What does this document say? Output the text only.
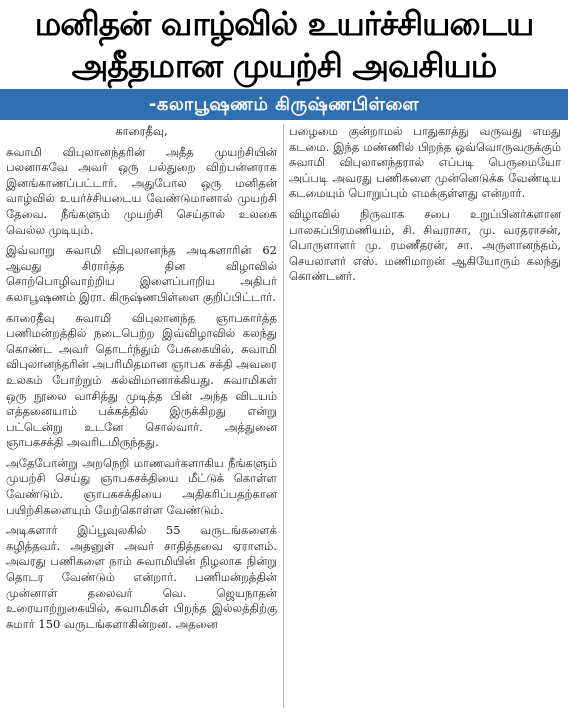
மனிதன் வாழ்வில் உயர்ச்சியடைய
அதீதமான முயற்சி அவசியம்
-கலாபூஷணம் கிருஷ்ணபிள்ளை

காரைதீவு,

சுவாமி விபுலானந்தரின் அதீத முயற்சியின் பலனாகவே அவர் ஒரு பல்துறை விற்பன்னராக இனங்காணப்பட்டார். அதுபோல ஒரு மனிதன் வாழ்வில் உயர்ச்சியடைய வேண்டுமானால் முயற்சி தேவை. நீங்களும் முயற்சி செய்தால் உலகை வெல்ல முடியும்.

இவ்வாறு சுவாமி விபுலானந்த அடிகளாரின் 62 ஆவது சிரார்த்த தின விழாவில் சொற்பொழிவாற்றிய இளைப்பாறிய அதிபர் கலாபூஷணம் இரா. கிருஷ்ணபிள்ளை குறிப்பிட்டார்.

காரைதீவு சுவாமி விபுலானந்த ஞாபகார்த்த பணிமன்றத்தில் நடைபெற்ற இவ்விழாவில் கலந்து கொண்ட அவர் தொடர்ந்தும் பேசுகையில், சுவாமி விபுலானந்தரின் அபரிமிதமான ஞாபக சக்தி அவரை உலகம் போற்றும் கல்விமானாக்கியது. சுவாமிகள் ஒரு நூலை வாசித்து முடித்த பின் அந்த விடயம் எத்தனையாம் பக்கத்தில் இருக்கிறது என்று பட்டென்று உடனே சொல்வார். அத்துனை ஞாபகசக்தி அவரிடமிருந்தது.

அதேபோன்று அறநெறி மாணவர்களாகிய நீங்களும் முயற்சி செய்து ஞாபகசக்தியை மீட்டுக் கொள்ள வேண்டும். ஞாபகசக்தியை அதிகரிப்பதற்கான பயிற்சிகளையும் மேற்கொள்ள வேண்டும்.

அடிகளார் இப்பூவுலகில் 55 வருடங்களைக் கழித்தவர். அதனுள் அவர் சாதித்தவை ஏராளம். அவரது பணிகளை நாம் சுவாமியின் நிழலாக நின்று தொடர வேண்டும் என்றார். பணிமன்றத்தின் முன்னாள் தலைவர் வெ. ஜெயநாதன் உரையாற்றுகையில், சுவாமிகள் பிறந்த இல்லத்திற்கு சுமார் 150 வருடங்களாகின்றன. அதனை

பழைமை குன்றாமல் பாதுகாத்து வருவது எமது கடமை. இந்த மண்ணில் பிறந்த ஒவ்வொருவருக்கும் சுவாமி விபுலானந்தரால் எப்படி பெருமையோ அப்படி அவரது பணிகளை முன்னெடுக்க வேண்டிய கடமையும் பொறுப்பும் எமக்குள்ளது என்றார்.

விழாவில் நிருவாக சபை உறுப்பினர்களான பாலசுப்பிரமணியம், சி. சிவராசா, மு. வரதராசன், பொருளாளர் மு. ரமணீதரன், சா. அருளானந்தம், செயலாளர் எஸ். மணிமாறன் ஆகியோரும் கலந்து கொண்டனர்.
